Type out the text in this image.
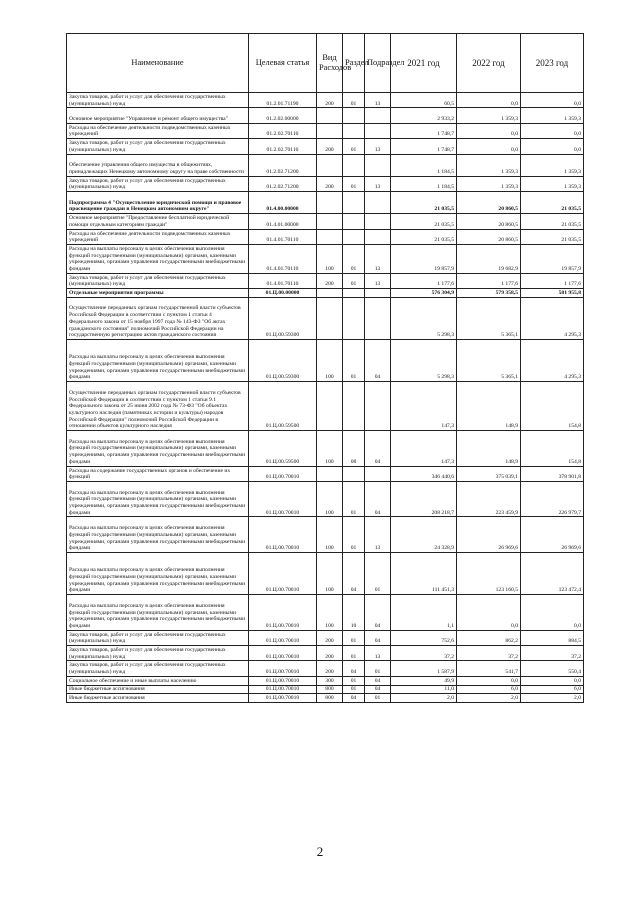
Наименование	Целевая статья	Вид Расходов	Раздел	Подраздел	2021 год	2022 год	2023 год
Закупка товаров, работ и услуг для обеспечения государственных (муниципальных) нужд	01.2.01.71190	200	01	13	60,5	0,0	0,0
Основное мероприятие "Управление и ремонт общего имущества"	01.2.02.00000				2 933,2	1 359,3	1 359,3
Расходы на обеспечение деятельности подведомственных казенных учреждений	01.2.02.70110				1 748,7	0,0	0,0
Закупка товаров, работ и услуг для обеспечения государственных (муниципальных) нужд	01.2.02.70110	200	01	13	1 748,7	0,0	0,0
Обеспечение управления общего имущества в общежитиях, принадлежащих Ненецкому автономному округу на праве собственности	01.2.02.71200				1 184,5	1 359,3	1 359,3
Закупка товаров, работ и услуг для обеспечения государственных (муниципальных) нужд	01.2.02.71200	200	01	13	1 184,5	1 359,3	1 359,3
Подпрограмма 4 "Осуществление юридической помощи и правовое просвещение граждан в Ненецком автономном округе"	01.4.00.00000				21 035,5	20 860,5	21 035,5
Основное мероприятие "Предоставление бесплатной юридической помощи отдельным категориям граждан"	01.4.01.00000				21 035,5	20 860,5	21 035,5
Расходы на обеспечение деятельности подведомственных казенных учреждений	01.4.01.70110				21 035,5	20 860,5	21 035,5
Расходы на выплаты персоналу в целях обеспечения выполнения функций государственными (муниципальными) органами, казенными учреждениями, органами управления государственными внебюджетными фондами	01.4.01.70110	100	01	13	19 857,9	19 682,9	19 857,9
Закупка товаров, работ и услуг для обеспечения государственных (муниципальных) нужд	01.4.01.70110	200	01	13	1 177,6	1 177,6	1 177,6
Отдельные мероприятия программы	01.Ц.00.00000				576 304,9	579 358,5	581 955,8
Осуществление переданных органам государственной власти субъектов Российской Федерации в соответствии с пунктом 1 статьи 4 Федерального закона от 15 ноября 1997 года № 143-ФЗ "Об актах гражданского состояния" полномочий Российской Федерации на государственную регистрацию актов гражданского состояния	01.Ц.00.59300				5 298,3	5 365,1	4 295,3
Расходы на выплаты персоналу в целях обеспечения выполнения функций государственными (муниципальными) органами, казенными учреждениями, органами управления государственными внебюджетными фондами	01.Ц.00.59300	100	01	04	5 298,3	5 365,1	4 295,3
Осуществление переданных органам государственной власти субъектов Российской Федерации в соответствии с пунктом 1 статьи 9.1 Федерального закона от 25 июня 2002 года № 73-ФЗ "Об объектах культурного наследия (памятниках истории и культуры) народов Российской Федерации" полномочий Российской Федерации в отношении объектов культурного наследия	01.Ц.00.59500				147,3	148,9	154,8
Расходы на выплаты персоналу в целях обеспечения выполнения функций государственными (муниципальными) органами, казенными учреждениями, органами управления государственными внебюджетными фондами	01.Ц.00.59500	100	08	04	147,3	148,9	154,8
Расходы на содержание государственных органов и обеспечение их функций	01.Ц.00.70010				346 440,6	375 039,1	378 901,8
Расходы на выплаты персоналу в целях обеспечения выполнения функций государственными (муниципальными) органами, казенными учреждениями, органами управления государственными внебюджетными фондами	01.Ц.00.70010	100	01	04	208 218,7	223 459,9	226 979,7
Расходы на выплаты персоналу в целях обеспечения выполнения функций государственными (муниципальными) органами, казенными учреждениями, органами управления государственными внебюджетными фондами	01.Ц.00.70010	100	01	13	24 328,9	26 969,6	26 969,6
Расходы на выплаты персоналу в целях обеспечения выполнения функций государственными (муниципальными) органами, казенными учреждениями, органами управления государственными внебюджетными фондами	01.Ц.00.70010	100	04	01	111 451,3	123 160,5	123 472,4
Расходы на выплаты персоналу в целях обеспечения выполнения функций государственными (муниципальными) органами, казенными учреждениями, органами управления государственными внебюджетными фондами	01.Ц.00.70010	100	10	04	1,1	0,0	0,0
Закупка товаров, работ и услуг для обеспечения государственных (муниципальных) нужд	01.Ц.00.70010	200	01	04	752,6	862,2	884,5
Закупка товаров, работ и услуг для обеспечения государственных (муниципальных) нужд	01.Ц.00.70010	200	01	13	37,2	37,2	37,2
Закупка товаров, работ и услуг для обеспечения государственных (муниципальных) нужд	01.Ц.00.70010	200	04	01	1 587,9	541,7	550,4
Социальное обеспечение и иные выплаты населению	01.Ц.00.70010	300	01	04	49,9	0,0	0,0
Иные бюджетные ассигнования	01.Ц.00.70010	800	01	04	11,0	6,0	6,0
Иные бюджетные ассигнования	01.Ц.00.70010	800	04	01	2,0	2,0	2,0
2
